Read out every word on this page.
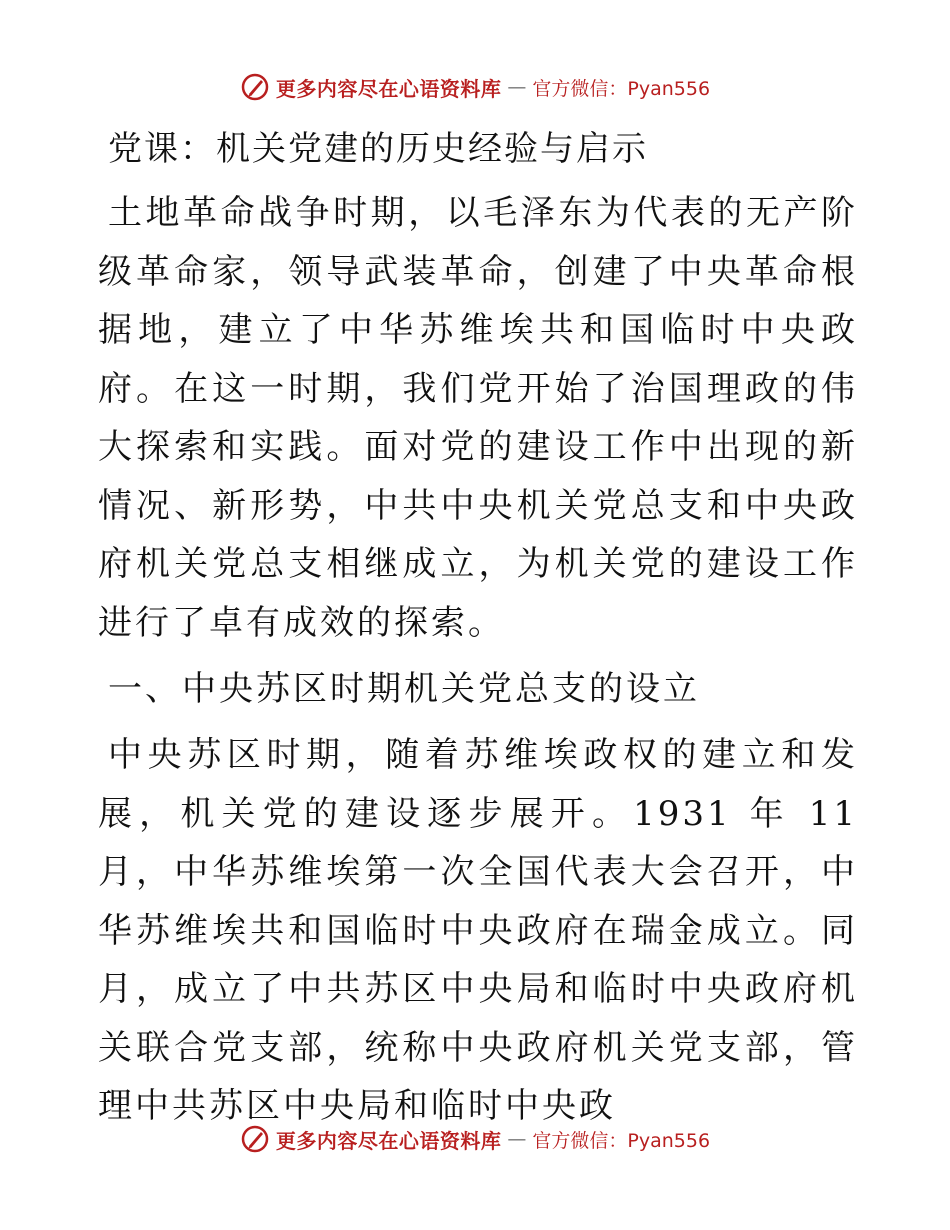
更多内容尽在心语资料库 — 官方微信：Pyan556
党课：机关党建的历史经验与启示

土地革命战争时期，以毛泽东为代表的无产阶级革命家，领导武装革命，创建了中央革命根据地，建立了中华苏维埃共和国临时中央政府。在这一时期，我们党开始了治国理政的伟大探索和实践。面对党的建设工作中出现的新情况、新形势，中共中央机关党总支和中央政府机关党总支相继成立，为机关党的建设工作进行了卓有成效的探索。

一、中央苏区时期机关党总支的设立

中央苏区时期，随着苏维埃政权的建立和发展，机关党的建设逐步展开。1931 年 11 月，中华苏维埃第一次全国代表大会召开，中华苏维埃共和国临时中央政府在瑞金成立。同月，成立了中共苏区中央局和临时中央政府机关联合党支部，统称中央政府机关党支部，管理中共苏区中央局和临时中央政

更多内容尽在心语资料库 — 官方微信：Pyan556
